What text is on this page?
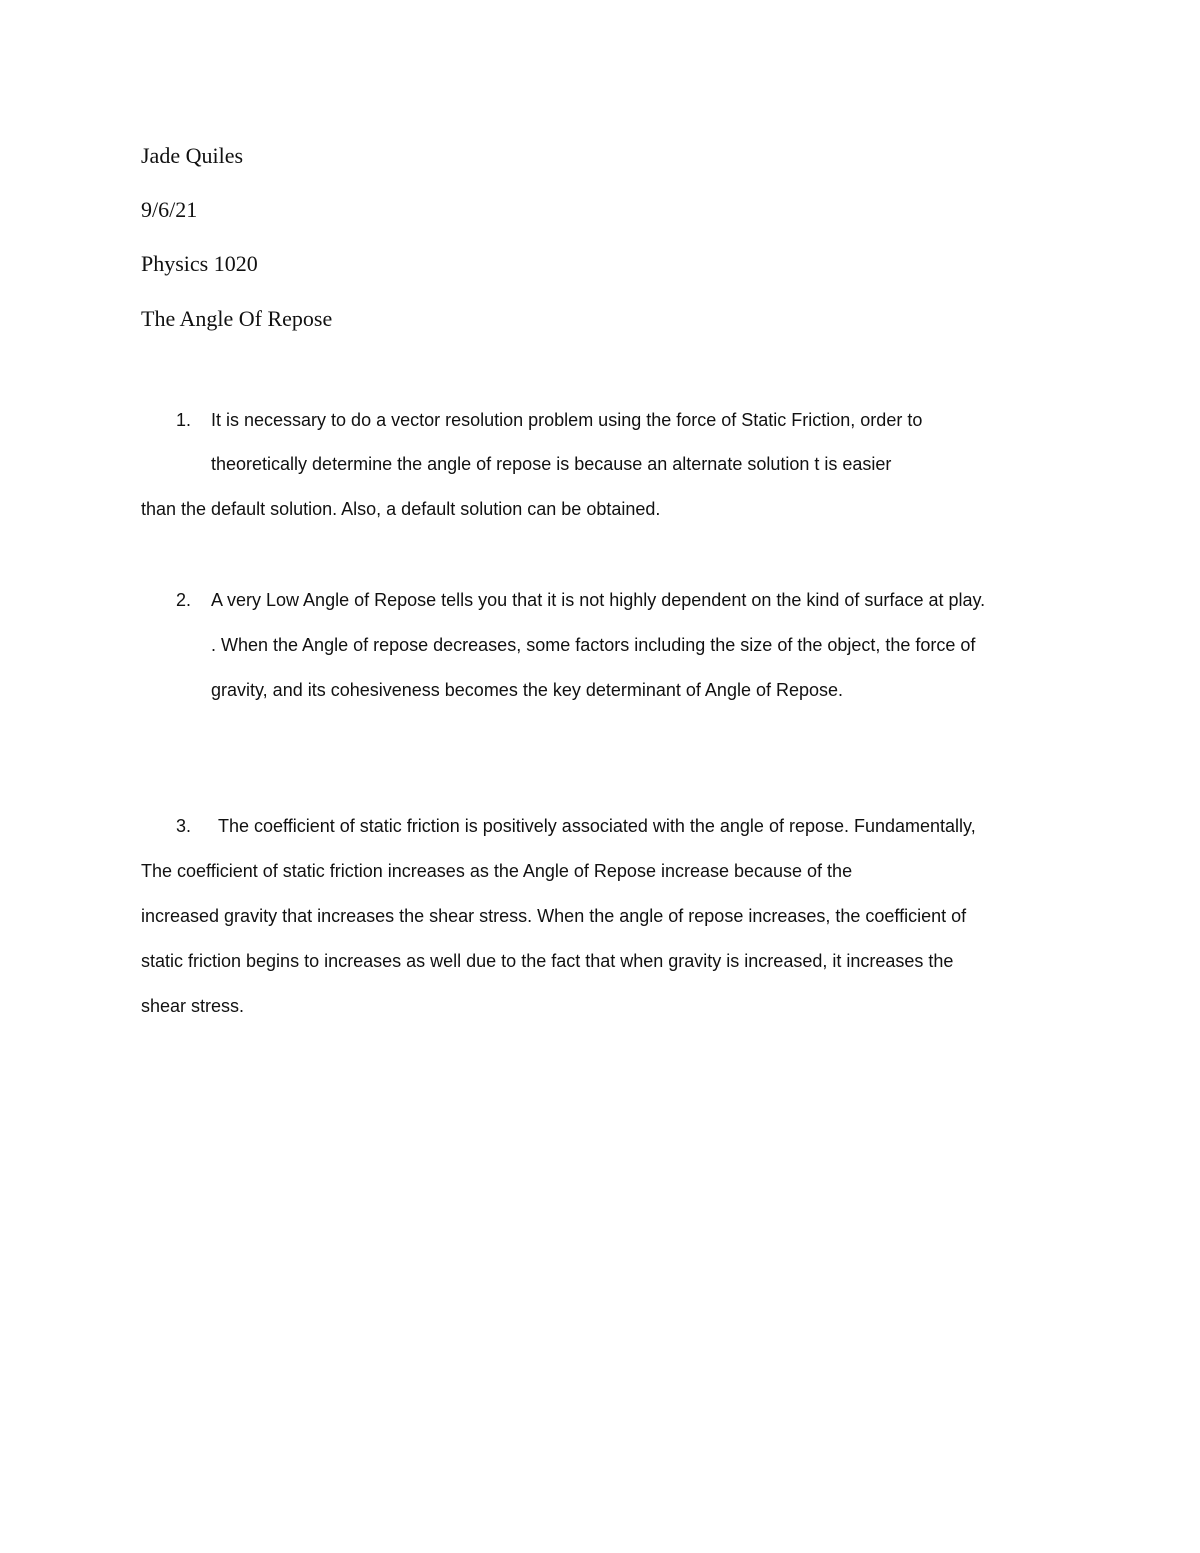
Jade Quiles

9/6/21

Physics 1020

The Angle Of Repose

1. It is necessary to do a vector resolution problem using the force of Static Friction, order to
theoretically determine the angle of repose is because an alternate solution t is easier
than the default solution. Also, a default solution can be obtained.
2. A very Low Angle of Repose tells you that it is not highly dependent on the kind of surface at play.
. When the Angle of repose decreases, some factors including the size of the object, the force of
gravity, and its cohesiveness becomes the key determinant of Angle of Repose.
3. The coefficient of static friction is positively associated with the angle of repose. Fundamentally,
The coefficient of static friction increases as the Angle of Repose increase because of the
increased gravity that increases the shear stress. When the angle of repose increases, the coefficient of
static friction begins to increases as well due to the fact that when gravity is increased, it increases the
shear stress.
